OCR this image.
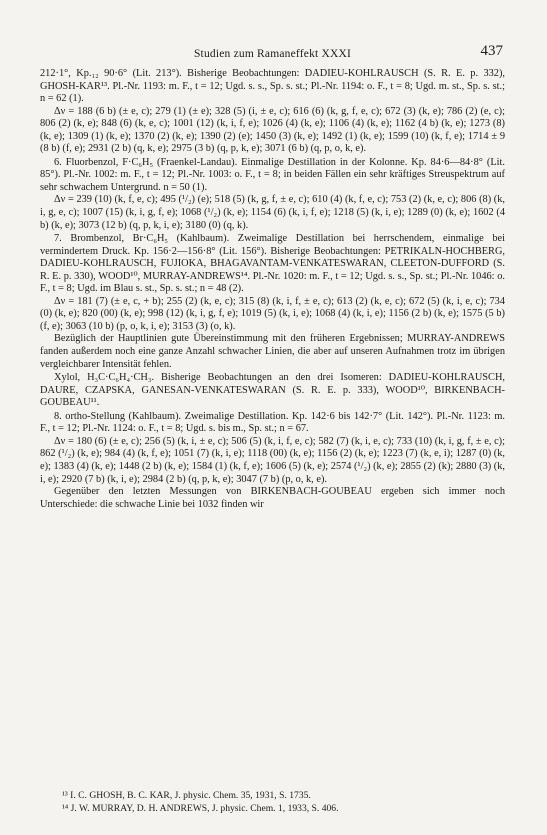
Studien zum Ramaneffekt XXXI	437

212·1°, Kp.₁₂ 90·6° (Lit. 213°). Bisherige Beobachtungen: DADIEU-KOHLRAUSCH (S. R. E. p. 332), GHOSH-KAR¹³. Pl.-Nr. 1193: m. F., t = 12; Ugd. s. s., Sp. s. st.; Pl.-Nr. 1194: o. F., t = 8; Ugd. m. st., Sp. s. st.; n = 62 (1).

Δν = 188 (6 b) (± e, c); 279 (1) (± e); 328 (5) (i, ± e, c); 616 (6) (k, g, f, e, c); 672 (3) (k, e); 786 (2) (e, c); 806 (2) (k, e); 848 (6) (k, e, c); 1001 (12) (k, i, f, e); 1026 (4) (k, e); 1106 (4) (k, e); 1162 (4 b) (k, e); 1273 (8) (k, e); 1309 (1) (k, e); 1370 (2) (k, e); 1390 (2) (e); 1450 (3) (k, e); 1492 (1) (k, e); 1599 (10) (k, f, e); 1714 ± 9 (8 b) (f, e); 2931 (2 b) (q, k, e); 2975 (3 b) (q, p, k, e); 3071 (6 b) (q, p, o, k, e).

6. Fluorbenzol, F·C₆H₅ (Fraenkel-Landau). Einmalige Destillation in der Kolonne. Kp. 84·6—84·8° (Lit. 85°). Pl.-Nr. 1002: m. F., t = 12; Pl.-Nr. 1003: o. F., t = 8; in beiden Fällen ein sehr kräftiges Streuspektrum auf sehr schwachem Untergrund. n = 50 (1).

Δν = 239 (10) (k, f, e, c); 495 (¹/₂) (e); 518 (5) (k, g, f, ± e, c); 610 (4) (k, f, e, c); 753 (2) (k, e, c); 806 (8) (k, i, g, e, c); 1007 (15) (k, i, g, f, e); 1068 (¹/₂) (k, e); 1154 (6) (k, i, f, e); 1218 (5) (k, i, e); 1289 (0) (k, e); 1602 (4 b) (k, e); 3073 (12 b) (q, p, k, i, e); 3180 (0) (q, k).

7. Brombenzol, Br·C₆H₅ (Kahlbaum). Zweimalige Destillation bei herrschendem, einmalige bei vermindertem Druck. Kp. 156·2—156·8° (Lit. 156°). Bisherige Beobachtungen: PETRIKALN-HOCHBERG, DADIEU-KOHLRAUSCH, FUJIOKA, BHAGAVANTAM-VENKATESWARAN, CLEETON-DUFFORD (S. R. E. p. 330), WOOD¹⁰, MURRAY-ANDREWS¹⁴. Pl.-Nr. 1020: m. F., t = 12; Ugd. s. s., Sp. st.; Pl.-Nr. 1046: o. F., t = 8; Ugd. im Blau s. st., Sp. s. st.; n = 48 (2).

Δν = 181 (7) (± e, c, + b); 255 (2) (k, e, c); 315 (8) (k, i, f, ± e, c); 613 (2) (k, e, c); 672 (5) (k, i, e, c); 734 (0) (k, e); 820 (00) (k, e); 998 (12) (k, i, g, f, e); 1019 (5) (k, i, e); 1068 (4) (k, i, e); 1156 (2 b) (k, e); 1575 (5 b) (f, e); 3063 (10 b) (p, o, k, i, e); 3153 (3) (o, k).

Bezüglich der Hauptlinien gute Übereinstimmung mit den früheren Ergebnissen; MURRAY-ANDREWS fanden außerdem noch eine ganze Anzahl schwacher Linien, die aber auf unseren Aufnahmen trotz im übrigen vergleichbarer Intensität fehlen.

Xylol, H₃C·C₆H₄·CH₃. Bisherige Beobachtungen an den drei Isomeren: DADIEU-KOHLRAUSCH, DAURE, CZAPSKA, GANESAN-VENKATESWARAN (S. R. E. p. 333), WOOD¹⁰, BIRKENBACH-GOUBEAU¹¹.

8. ortho-Stellung (Kahlbaum). Zweimalige Destillation. Kp. 142·6 bis 142·7° (Lit. 142°). Pl.-Nr. 1123: m. F., t = 12; Pl.-Nr. 1124: o. F., t = 8; Ugd. s. bis m., Sp. st.; n = 67.

Δν = 180 (6) (± e, c); 256 (5) (k, i, ± e, c); 506 (5) (k, i, f, e, c); 582 (7) (k, i, e, c); 733 (10) (k, i, g, f, ± e, c); 862 (¹/₂) (k, e); 984 (4) (k, f, e); 1051 (7) (k, i, e); 1118 (00) (k, e); 1156 (2) (k, e); 1223 (7) (k, e, i); 1287 (0) (k, e); 1383 (4) (k, e); 1448 (2 b) (k, e); 1584 (1) (k, f, e); 1606 (5) (k, e); 2574 (¹/₂) (k, e); 2855 (2) (k); 2880 (3) (k, i, e); 2920 (7 b) (k, i, e); 2984 (2 b) (q, p, k, e); 3047 (7 b) (p, o, k, e).

Gegenüber den letzten Messungen von BIRKENBACH-GOUBEAU ergeben sich immer noch Unterschiede: die schwache Linie bei 1032 finden wir

¹³ I. C. GHOSH, B. C. KAR, J. physic. Chem. 35, 1931, S. 1735.

¹⁴ J. W. MURRAY, D. H. ANDREWS, J. physic. Chem. 1, 1933, S. 406.
